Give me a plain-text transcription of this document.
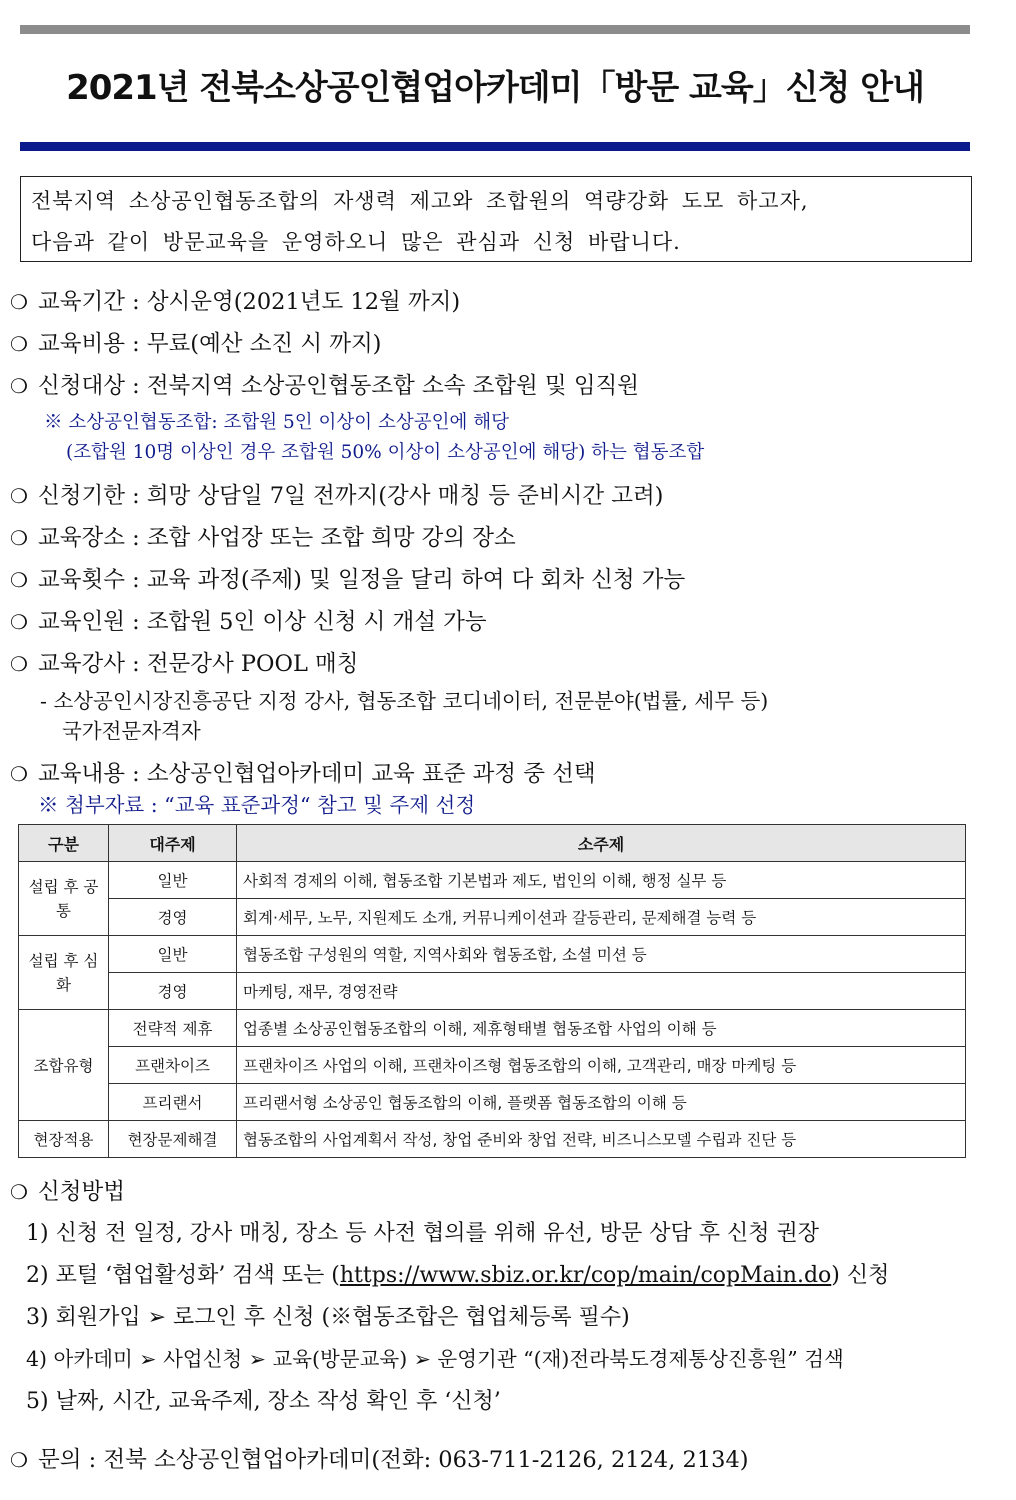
2021년 전북소상공인협업아카데미「방문 교육」신청 안내
전북지역 소상공인협동조합의 자생력 제고와 조합원의 역량강화 도모 하고자,
다음과 같이 방문교육을 운영하오니 많은 관심과 신청 바랍니다.
❍ 교육기간 : 상시운영(2021년도 12월 까지)
❍ 교육비용 : 무료(예산 소진 시 까지)
❍ 신청대상 : 전북지역 소상공인협동조합 소속 조합원 및 임직원
※ 소상공인협동조합: 조합원 5인 이상이 소상공인에 해당
(조합원 10명 이상인 경우 조합원 50% 이상이 소상공인에 해당) 하는 협동조합
❍ 신청기한 : 희망 상담일 7일 전까지(강사 매칭 등 준비시간 고려)
❍ 교육장소 : 조합 사업장 또는 조합 희망 강의 장소
❍ 교육횟수 : 교육 과정(주제) 및 일정을 달리 하여 다 회차 신청 가능
❍ 교육인원 : 조합원 5인 이상 신청 시 개설 가능
❍ 교육강사 : 전문강사 POOL 매칭
- 소상공인시장진흥공단 지정 강사, 협동조합 코디네이터, 전문분야(법률, 세무 등)
국가전문자격자
❍ 교육내용 : 소상공인협업아카데미 교육 표준 과정 중 선택
※ 첨부자료 : “교육 표준과정“ 참고 및 주제 선정
구분	대주제	소주제
설립 후 공통	일반	사회적 경제의 이해, 협동조합 기본법과 제도, 법인의 이해, 행정 실무 등
	경영	회계·세무, 노무, 지원제도 소개, 커뮤니케이션과 갈등관리, 문제해결 능력 등
설립 후 심화	일반	협동조합 구성원의 역할, 지역사회와 협동조합, 소셜 미션 등
	경영	마케팅, 재무, 경영전략
조합유형	전략적 제휴	업종별 소상공인협동조합의 이해, 제휴형태별 협동조합 사업의 이해 등
	프랜차이즈	프랜차이즈 사업의 이해, 프랜차이즈형 협동조합의 이해, 고객관리, 매장 마케팅 등
	프리랜서	프리랜서형 소상공인 협동조합의 이해, 플랫폼 협동조합의 이해 등
현장적용	현장문제해결	협동조합의 사업계획서 작성, 창업 준비와 창업 전략, 비즈니스모델 수립과 진단 등
❍ 신청방법
1) 신청 전 일정, 강사 매칭, 장소 등 사전 협의를 위해 유선, 방문 상담 후 신청 권장
2) 포털 ‘협업활성화’ 검색 또는 (https://www.sbiz.or.kr/cop/main/copMain.do) 신청
3) 회원가입 ➢ 로그인 후 신청 (※협동조합은 협업체등록 필수)
4) 아카데미 ➢ 사업신청 ➢ 교육(방문교육) ➢ 운영기관 “(재)전라북도경제통상진흥원” 검색
5) 날짜, 시간, 교육주제, 장소 작성 확인 후 ‘신청’
❍ 문의 : 전북 소상공인협업아카데미(전화: 063-711-2126, 2124, 2134)
